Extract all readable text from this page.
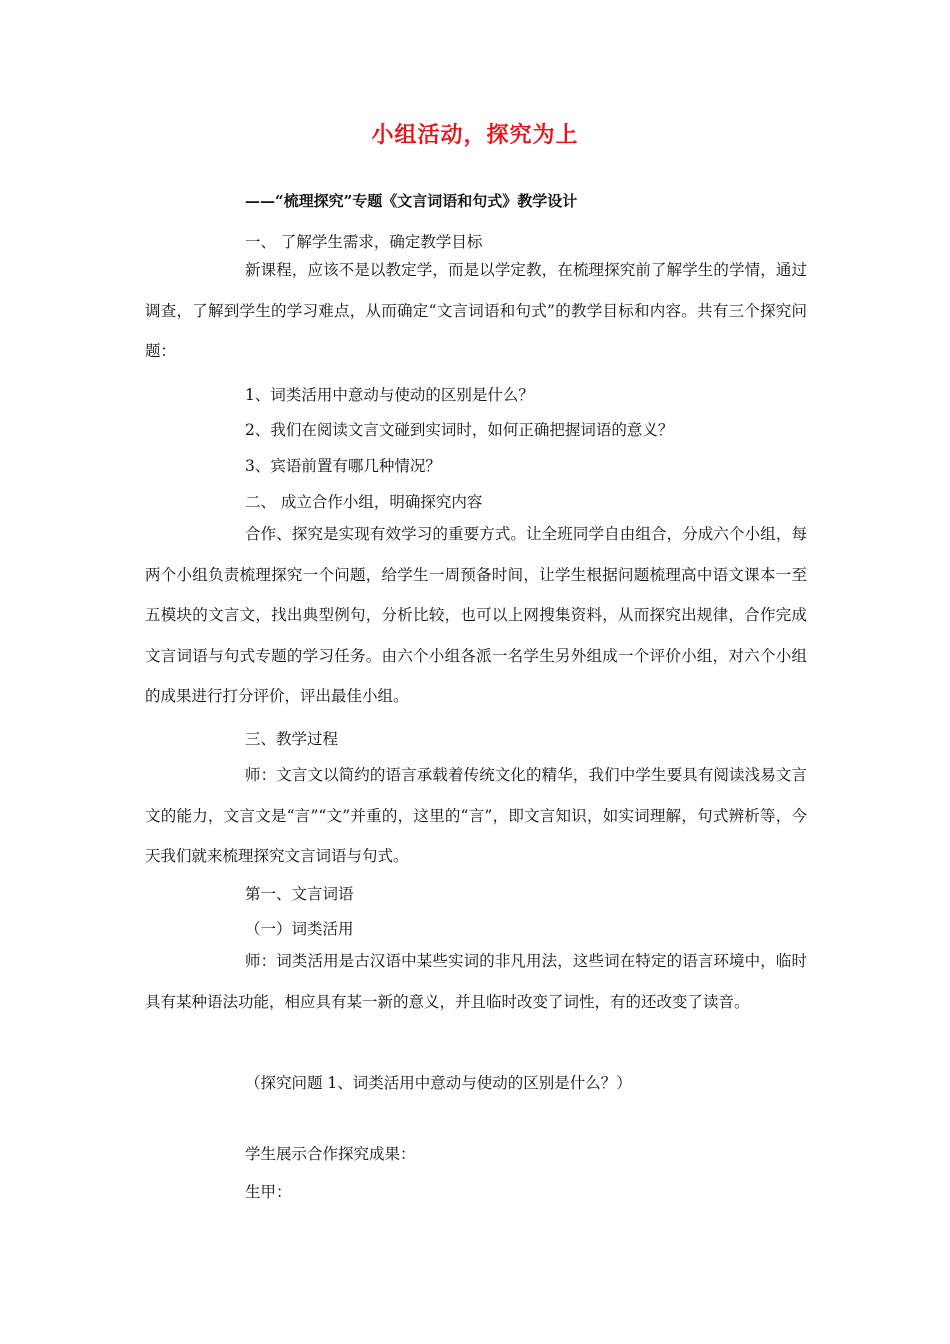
小组活动，探究为上
——“梳理探究”专题《文言词语和句式》教学设计
一、 了解学生需求，确定教学目标
新课程，应该不是以教定学，而是以学定教，在梳理探究前了解学生的学情，通过调查，了解到学生的学习难点，从而确定“文言词语和句式”的教学目标和内容。共有三个探究问题：
1、词类活用中意动与使动的区别是什么？
2、我们在阅读文言文碰到实词时，如何正确把握词语的意义？
3、宾语前置有哪几种情况？
二、 成立合作小组，明确探究内容
合作、探究是实现有效学习的重要方式。让全班同学自由组合，分成六个小组，每两个小组负责梳理探究一个问题，给学生一周预备时间，让学生根据问题梳理高中语文课本一至五模块的文言文，找出典型例句，分析比较，也可以上网搜集资料，从而探究出规律，合作完成文言词语与句式专题的学习任务。由六个小组各派一名学生另外组成一个评价小组，对六个小组的成果进行打分评价，评出最佳小组。
三、教学过程
师：文言文以简约的语言承载着传统文化的精华，我们中学生要具有阅读浅易文言文的能力，文言文是“言”“文”并重的，这里的“言”，即文言知识，如实词理解，句式辨析等，今天我们就来梳理探究文言词语与句式。
第一、文言词语
（一）词类活用
师：词类活用是古汉语中某些实词的非凡用法，这些词在特定的语言环境中，临时具有某种语法功能，相应具有某一新的意义，并且临时改变了词性，有的还改变了读音。
（探究问题 1、词类活用中意动与使动的区别是什么？）
学生展示合作探究成果：
生甲：
